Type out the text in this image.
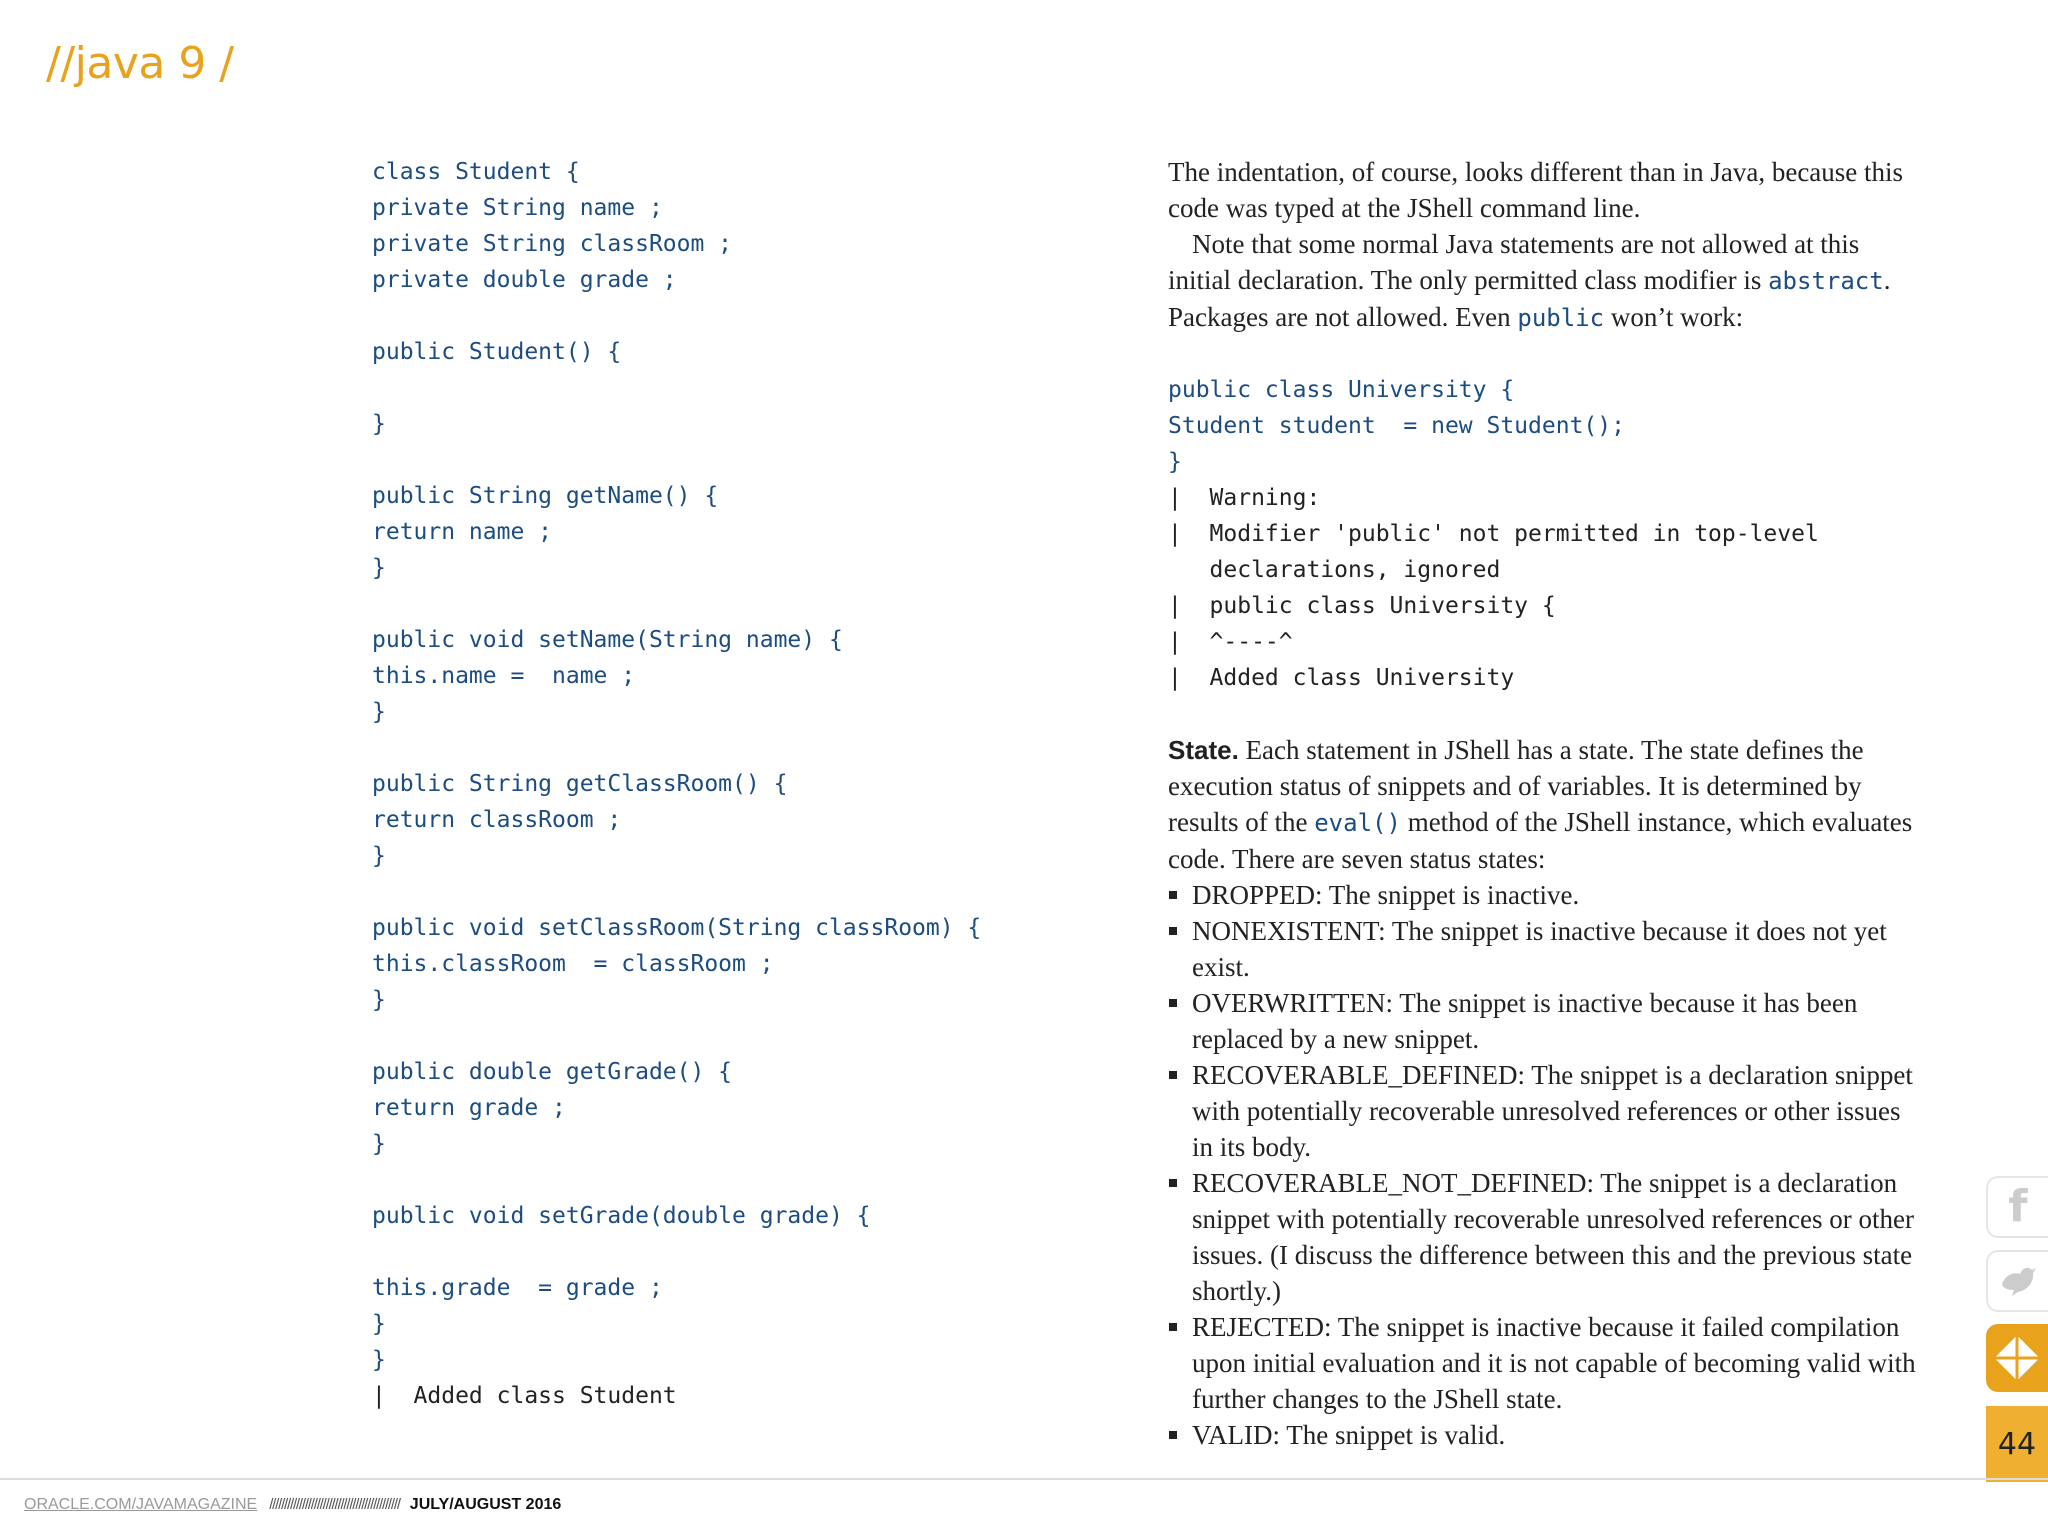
//java 9 /
class Student {
private String name ;
private String classRoom ;
private double grade ;

public Student() {

}

public String getName() {
return name ;
}

public void setName(String name) {
this.name =  name ;
}

public String getClassRoom() {
return classRoom ;
}

public void setClassRoom(String classRoom) {
this.classRoom  = classRoom ;
}

public double getGrade() {
return grade ;
}

public void setGrade(double grade) {

this.grade  = grade ;
}
}
|  Added class Student

The indentation, of course, looks different than in Java, because this code was typed at the JShell command line.

Note that some normal Java statements are not allowed at this initial declaration. The only permitted class modifier is abstract. Packages are not allowed. Even public won’t work:

public class University {
Student student  = new Student();
}
|  Warning:
|  Modifier 'public' not permitted in top-level
declarations, ignored
|  public class University {
|  ^----^
|  Added class University

State. Each statement in JShell has a state. The state defines the execution status of snippets and of variables. It is determined by results of the eval() method of the JShell instance, which evaluates code. There are seven status states:

DROPPED: The snippet is inactive.
NONEXISTENT: The snippet is inactive because it does not yet exist.
OVERWRITTEN: The snippet is inactive because it has been replaced by a new snippet.
RECOVERABLE_DEFINED: The snippet is a declaration snippet with potentially recoverable unresolved references or other issues in its body.
RECOVERABLE_NOT_DEFINED: The snippet is a declaration snippet with potentially recoverable unresolved references or other issues. (I discuss the difference between this and the previous state shortly.)
REJECTED: The snippet is inactive because it failed compilation upon initial evaluation and it is not capable of becoming valid with further changes to the JShell state.
VALID: The snippet is valid.
f
44
ORACLE.COM/JAVAMAGAZINE //////////////////////////////////////////// JULY/AUGUST 2016
